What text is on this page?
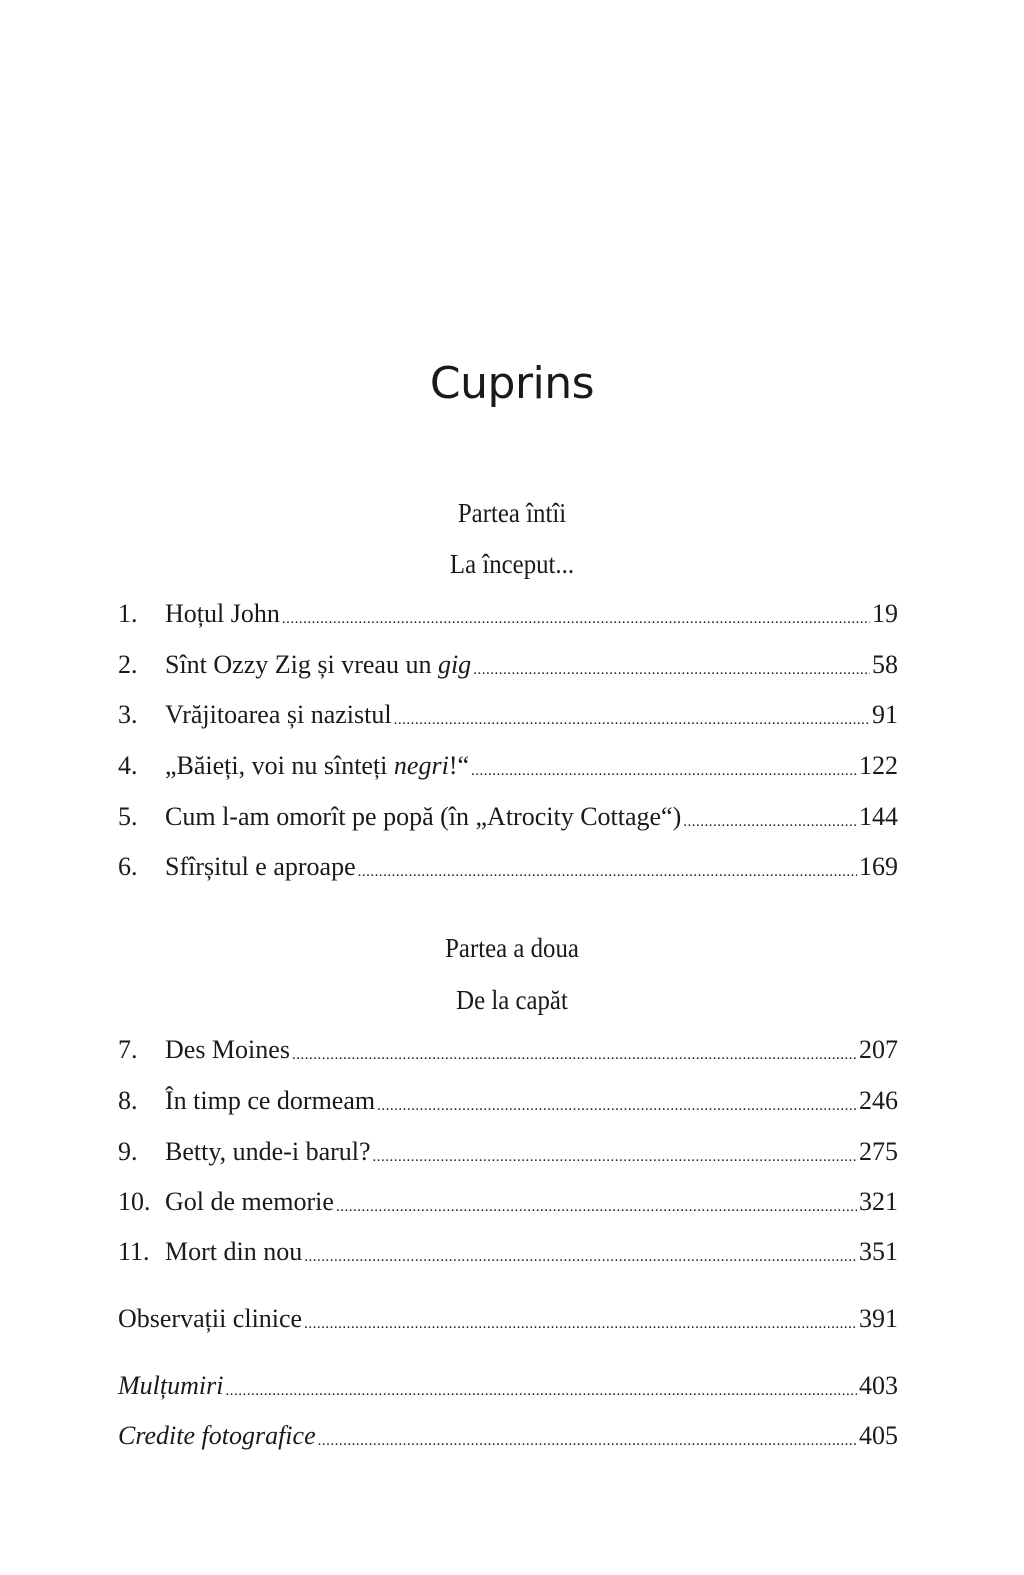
Cuprins
Partea întîi
La început...
1.	Hoțul John .....	19
2.	Sînt Ozzy Zig și vreau un gig .....	58
3.	Vrăjitoarea și nazistul .....	91
4.	„Băieți, voi nu sînteți negri!“ .....	122
5.	Cum l-am omorît pe popă (în „Atrocity Cottage“) .....	144
6.	Sfîrșitul e aproape .....	169
Partea a doua
De la capăt
7.	Des Moines .....	207
8.	În timp ce dormeam .....	246
9.	Betty, unde-i barul? .....	275
10. Gol de memorie .....	321
11. Mort din nou .....	351
Observații clinice .....	391
Mulțumiri .....	403
Credite fotografice .....	405
